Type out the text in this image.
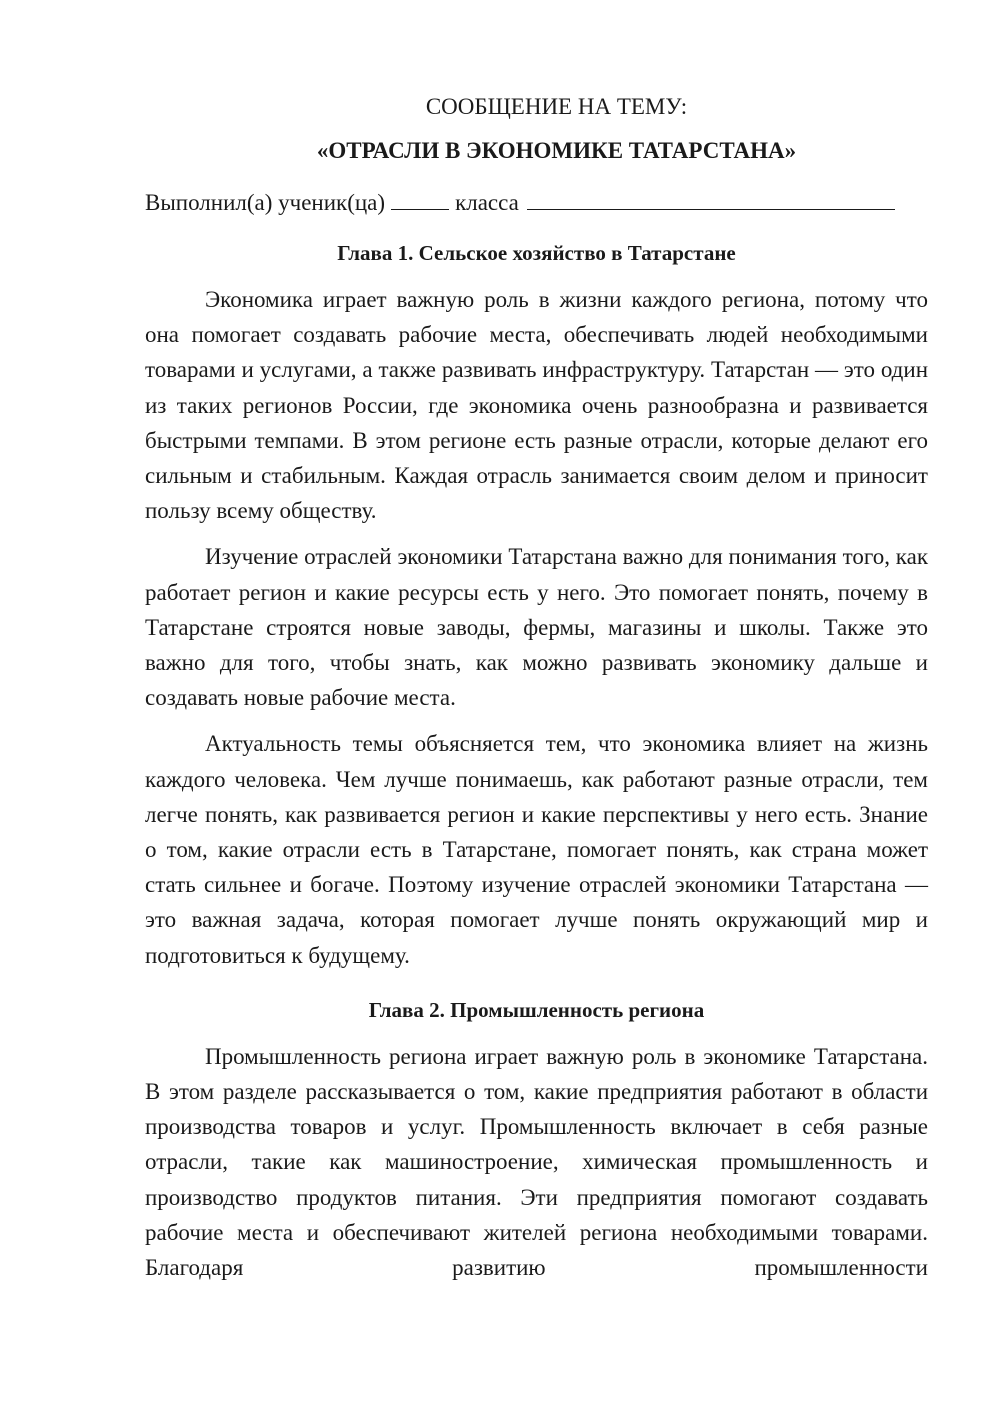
СООБЩЕНИЕ НА ТЕМУ:
«ОТРАСЛИ В ЭКОНОМИКЕ ТАТАРСТАНА»
Выполнил(а) ученик(ца)	класса
Глава 1. Сельское хозяйство в Татарстане

Экономика играет важную роль в жизни каждого региона, потому что она помогает создавать рабочие места, обеспечивать людей необходимыми товарами и услугами, а также развивать инфраструктуру. Татарстан — это один из таких регионов России, где экономика очень разнообразна и развивается быстрыми темпами. В этом регионе есть разные отрасли, которые делают его сильным и стабильным. Каждая отрасль занимается своим делом и приносит пользу всему обществу.

Изучение отраслей экономики Татарстана важно для понимания того, как работает регион и какие ресурсы есть у него. Это помогает понять, почему в Татарстане строятся новые заводы, фермы, магазины и школы. Также это важно для того, чтобы знать, как можно развивать экономику дальше и создавать новые рабочие места.

Актуальность темы объясняется тем, что экономика влияет на жизнь каждого человека. Чем лучше понимаешь, как работают разные отрасли, тем легче понять, как развивается регион и какие перспективы у него есть. Знание о том, какие отрасли есть в Татарстане, помогает понять, как страна может стать сильнее и богаче. Поэтому изучение отраслей экономики Татарстана — это важная задача, которая помогает лучше понять окружающий мир и подготовиться к будущему.

Глава 2. Промышленность региона

Промышленность региона играет важную роль в экономике Татарстана. В этом разделе рассказывается о том, какие предприятия работают в области производства товаров и услуг. Промышленность включает в себя разные отрасли, такие как машиностроение, химическая промышленность и производство продуктов питания. Эти предприятия помогают создавать рабочие места и обеспечивают жителей региона необходимыми товарами. Благодаря развитию промышленности
